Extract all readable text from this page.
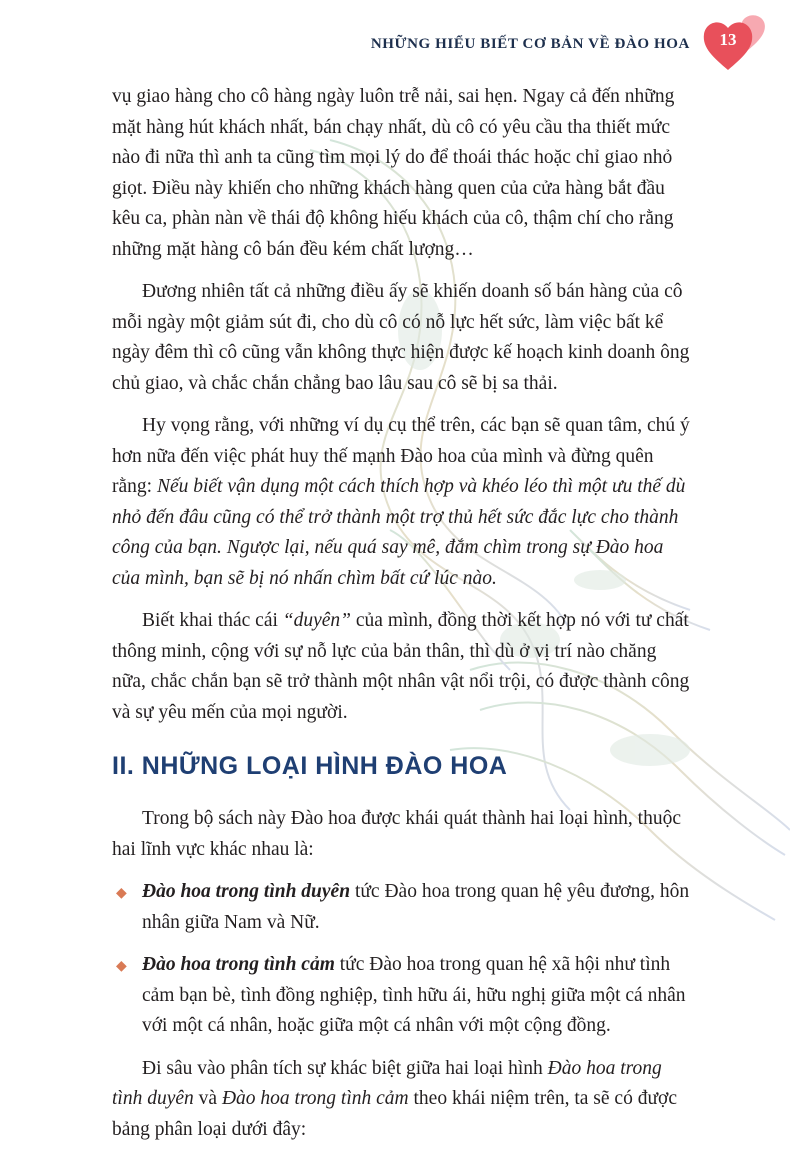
NHỮNG HIỂU BIẾT CƠ BẢN VỀ ĐÀO HOA	13

vụ giao hàng cho cô hàng ngày luôn trễ nải, sai hẹn. Ngay cả đến những mặt hàng hút khách nhất, bán chạy nhất, dù cô có yêu cầu tha thiết mức nào đi nữa thì anh ta cũng tìm mọi lý do để thoái thác hoặc chỉ giao nhỏ giọt. Điều này khiến cho những khách hàng quen của cửa hàng bắt đầu kêu ca, phàn nàn về thái độ không hiếu khách của cô, thậm chí cho rằng những mặt hàng cô bán đều kém chất lượng…

Đương nhiên tất cả những điều ấy sẽ khiến doanh số bán hàng của cô mỗi ngày một giảm sút đi, cho dù cô có nỗ lực hết sức, làm việc bất kể ngày đêm thì cô cũng vẫn không thực hiện được kế hoạch kinh doanh ông chủ giao, và chắc chắn chẳng bao lâu sau cô sẽ bị sa thải.

Hy vọng rằng, với những ví dụ cụ thể trên, các bạn sẽ quan tâm, chú ý hơn nữa đến việc phát huy thế mạnh Đào hoa của mình và đừng quên rằng: Nếu biết vận dụng một cách thích hợp và khéo léo thì một ưu thế dù nhỏ đến đâu cũng có thể trở thành một trợ thủ hết sức đắc lực cho thành công của bạn. Ngược lại, nếu quá say mê, đắm chìm trong sự Đào hoa của mình, bạn sẽ bị nó nhấn chìm bất cứ lúc nào.

Biết khai thác cái “duyên” của mình, đồng thời kết hợp nó với tư chất thông minh, cộng với sự nỗ lực của bản thân, thì dù ở vị trí nào chăng nữa, chắc chắn bạn sẽ trở thành một nhân vật nổi trội, có được thành công và sự yêu mến của mọi người.

II. NHỮNG LOẠI HÌNH ĐÀO HOA

Trong bộ sách này Đào hoa được khái quát thành hai loại hình, thuộc hai lĩnh vực khác nhau là:

◆ Đào hoa trong tình duyên tức Đào hoa trong quan hệ yêu đương, hôn nhân giữa Nam và Nữ.
◆ Đào hoa trong tình cảm tức Đào hoa trong quan hệ xã hội như tình cảm bạn bè, tình đồng nghiệp, tình hữu ái, hữu nghị giữa một cá nhân với một cá nhân, hoặc giữa một cá nhân với một cộng đồng.

Đi sâu vào phân tích sự khác biệt giữa hai loại hình Đào hoa trong tình duyên và Đào hoa trong tình cảm theo khái niệm trên, ta sẽ có được bảng phân loại dưới đây:
